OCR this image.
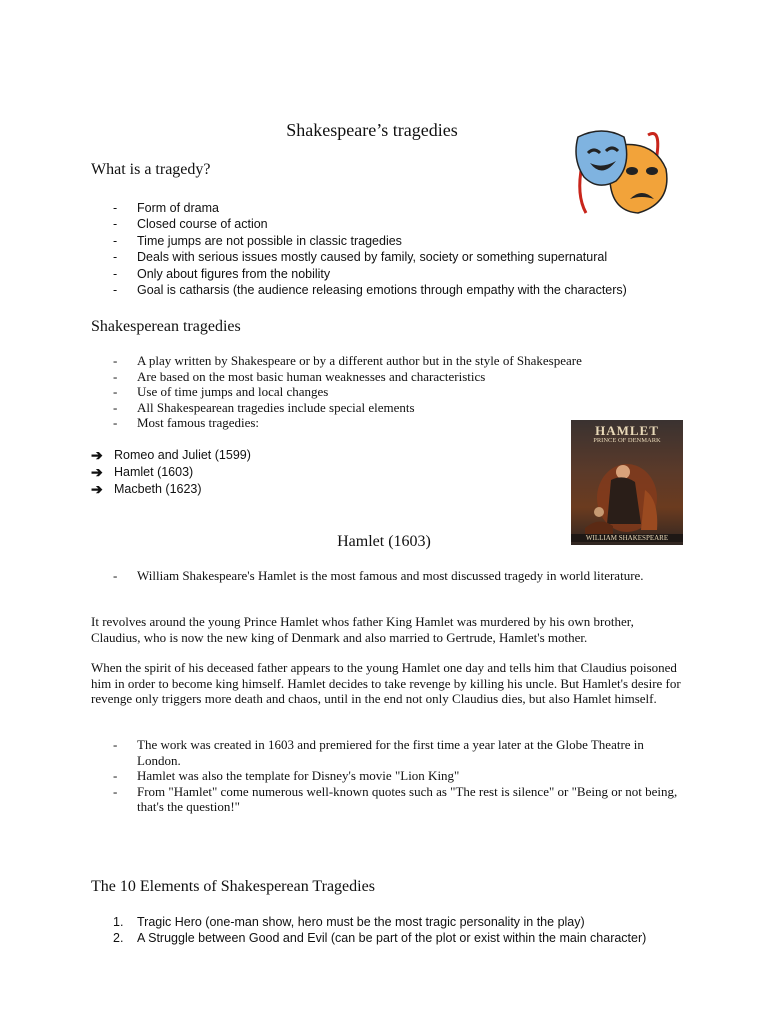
Shakespeare’s tragedies
What is a tragedy?
- Form of drama
- Closed course of action
- Time jumps are not possible in classic tragedies
- Deals with serious issues mostly caused by family, society or something supernatural
- Only about figures from the nobility
- Goal is catharsis (the audience releasing emotions through empathy with the characters)
Shakesperean tragedies
- A play written by Shakespeare or by a different author but in the style of Shakespeare
- Are based on the most basic human weaknesses and characteristics
- Use of time jumps and local changes
- All Shakespearean tragedies include special elements
- Most famous tragedies:
➔ Romeo and Juliet (1599)
➔ Hamlet (1603)
➔ Macbeth (1623)
HAMLET
PRINCE OF DENMARK
WILLIAM SHAKESPEARE
Hamlet (1603)
- William Shakespeare's Hamlet is the most famous and most discussed tragedy in world literature.
It revolves around the young Prince Hamlet whos father King Hamlet was murdered by his own brother, Claudius, who is now the new king of Denmark and also married to Gertrude, Hamlet's mother.
When the spirit of his deceased father appears to the young Hamlet one day and tells him that Claudius poisoned him in order to become king himself. Hamlet decides to take revenge by killing his uncle. But Hamlet's desire for revenge only triggers more death and chaos, until in the end not only Claudius dies, but also Hamlet himself.
- The work was created in 1603 and premiered for the first time a year later at the Globe Theatre in London.
- Hamlet was also the template for Disney's movie "Lion King"
- From "Hamlet" come numerous well-known quotes such as "The rest is silence" or "Being or not being, that's the question!"
The 10 Elements of Shakesperean Tragedies
1. Tragic Hero (one-man show, hero must be the most tragic personality in the play)
2. A Struggle between Good and Evil (can be part of the plot or exist within the main character)
